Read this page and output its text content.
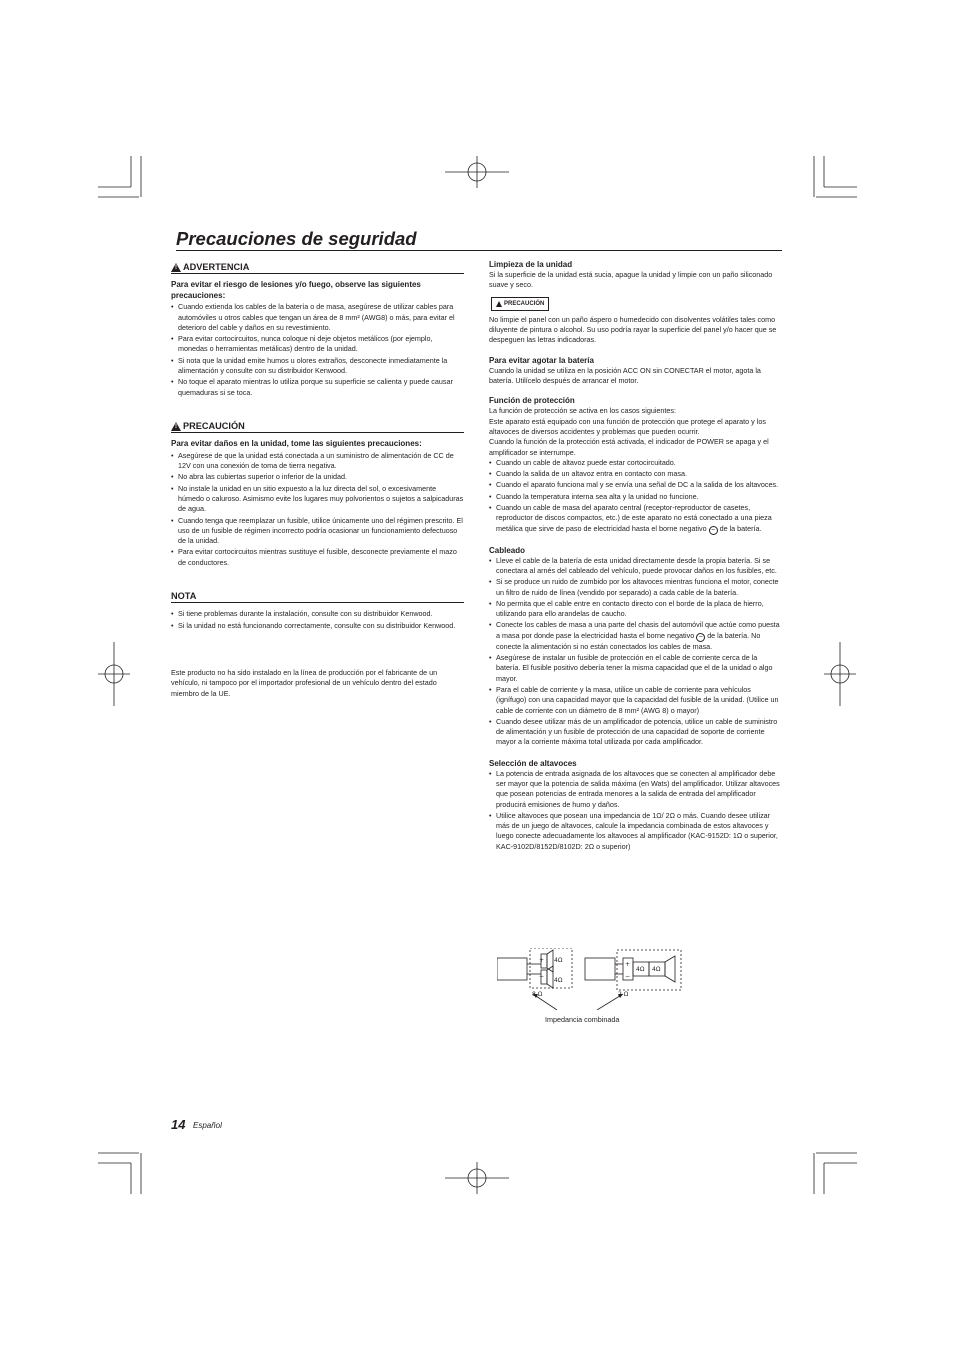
Precauciones de seguridad
!
ADVERTENCIA
Para evitar el riesgo de lesiones y/o fuego, observe las siguientes precauciones:
• Cuando extienda los cables de la batería o de masa, asegúrese de utilizar cables para automóviles u otros cables que tengan un área de 8 mm² (AWG8) o más, para evitar el deterioro del cable y daños en su revestimiento.
• Para evitar cortocircuitos, nunca coloque ni deje objetos metálicos (por ejemplo, monedas o herramientas metálicas) dentro de la unidad.
• Si nota que la unidad emite humos u olores extraños, desconecte inmediatamente la alimentación y consulte con su distribuidor Kenwood.
• No toque el aparato mientras lo utiliza porque su superficie se calienta y puede causar quemaduras si se toca.
!
PRECAUCIÓN
Para evitar daños en la unidad, tome las siguientes precauciones:
• Asegúrese de que la unidad está conectada a un suministro de alimentación de CC de 12V con una conexión de toma de tierra negativa.
• No abra las cubiertas superior o inferior de la unidad.
• No instale la unidad en un sitio expuesto a la luz directa del sol, o excesivamente húmedo o caluroso. Asimismo evite los lugares muy polvorientos o sujetos a salpicaduras de agua.
• Cuando tenga que reemplazar un fusible, utilice únicamente uno del régimen prescrito. El uso de un fusible de régimen incorrecto podría ocasionar un funcionamiento defectuoso de la unidad.
• Para evitar cortocircuitos mientras sustituye el fusible, desconecte previamente el mazo de conductores.
NOTA
• Si tiene problemas durante la instalación, consulte con su distribuidor Kenwood.
• Si la unidad no está funcionando correctamente, consulte con su distribuidor Kenwood.

Este producto no ha sido instalado en la línea de producción por el fabricante de un vehículo, ni tampoco por el importador profesional de un vehículo dentro del estado miembro de la UE.

Limpieza de la unidad

Si la superficie de la unidad está sucia, apague la unidad y limpie con un paño siliconado suave y seco.

PRECAUCIÓN

No limpie el panel con un paño áspero o humedecido con disolventes volátiles tales como diluyente de pintura o alcohol. Su uso podría rayar la superficie del panel y/o hacer que se despeguen las letras indicadoras.

Para evitar agotar la batería

Cuando la unidad se utiliza en la posición ACC ON sin CONECTAR el motor, agota la batería. Utilícelo después de arrancar el motor.

Función de protección

La función de protección se activa en los casos siguientes:

Este aparato está equipado con una función de protección que protege el aparato y los altavoces de diversos accidentes y problemas que pueden ocurrir.

Cuando la función de la protección está activada, el indicador de POWER se apaga y el amplificador se interrumpe.

• Cuando un cable de altavoz puede estar cortocircuitado.
• Cuando la salida de un altavoz entra en contacto con masa.
• Cuando el aparato funciona mal y se envía una señal de DC a la salida de los altavoces.
• Cuando la temperatura interna sea alta y la unidad no funcione.
• Cuando un cable de masa del aparato central (receptor-reproductor de casetes, reproductor de discos compactos, etc.) de este aparato no está conectado a una pieza metálica que sirve de paso de electricidad hasta el borne negativo − de la batería.
Cableado
• Lleve el cable de la batería de esta unidad directamente desde la propia batería. Si se conectara al arnés del cableado del vehículo, puede provocar daños en los fusibles, etc.
• Si se produce un ruido de zumbido por los altavoces mientras funciona el motor, conecte un filtro de ruido de línea (vendido por separado) a cada cable de la batería.
• No permita que el cable entre en contacto directo con el borde de la placa de hierro, utilizando para ello arandelas de caucho.
• Conecte los cables de masa a una parte del chasis del automóvil que actúe como puesta a masa por donde pase la electricidad hasta el borne negativo − de la batería. No conecte la alimentación si no están conectados los cables de masa.
• Asegúrese de instalar un fusible de protección en el cable de corriente cerca de la batería. El fusible positivo debería tener la misma capacidad que el de la unidad o algo mayor.
• Para el cable de corriente y la masa, utilice un cable de corriente para vehículos (ignífugo) con una capacidad mayor que la capacidad del fusible de la unidad. (Utilice un cable de corriente con un diámetro de 8 mm² (AWG 8) o mayor)
• Cuando desee utilizar más de un amplificador de potencia, utilice un cable de suministro de alimentación y un fusible de protección de una capacidad de soporte de corriente mayor a la corriente máxima total utilizada por cada amplificador.
Selección de altavoces
• La potencia de entrada asignada de los altavoces que se conecten al amplificador debe ser mayor que la potencia de salida máxima (en Wats) del amplificador. Utilizar altavoces que posean potencias de entrada menores a la salida de entrada del amplificador producirá emisiones de humo y daños.
• Utilice altavoces que posean una impedancia de 1Ω/ 2Ω o más. Cuando desee utilizar más de un juego de altavoces, calcule la impedancia combinada de estos altavoces y luego conecte adecuadamente los altavoces al amplificador (KAC-9152D: 1Ω o superior, KAC-9102D/8152D/8102D: 2Ω o superior)
4Ω
4Ω
8 Ω
4Ω 4Ω
2 Ω
+
−
+
−
Impedancia combinada
14 Español
